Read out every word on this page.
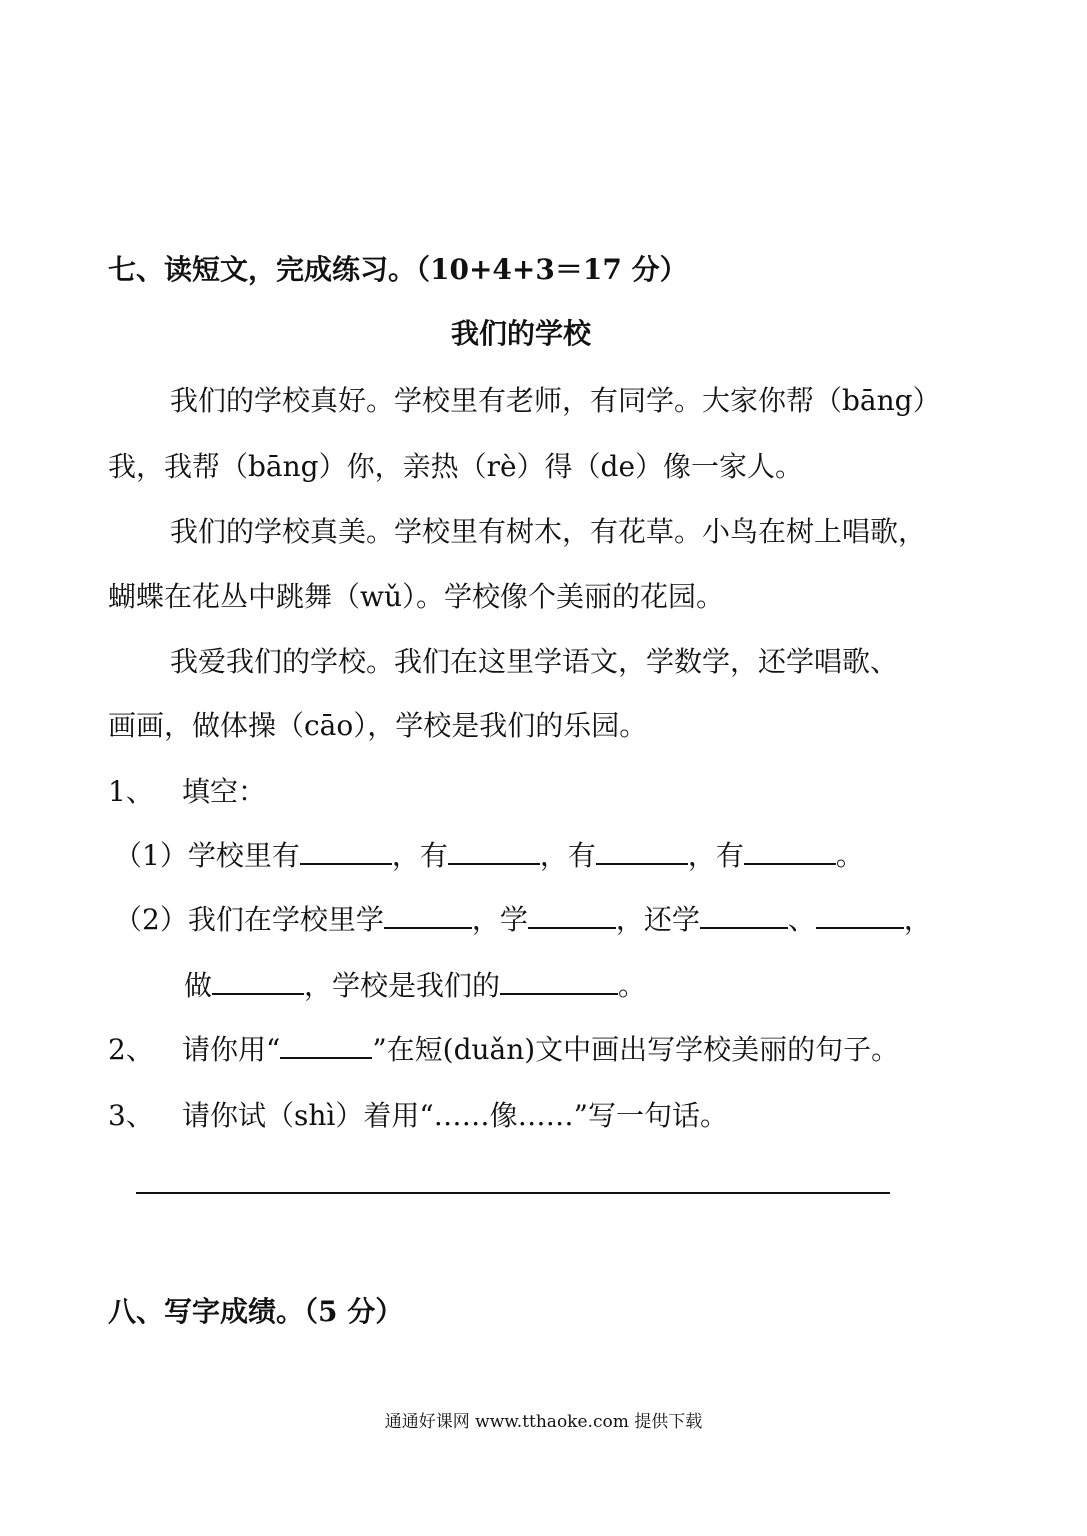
七、读短文，完成练习。（10+4+3＝17 分）
我们的学校
我们的学校真好。学校里有老师，有同学。大家你帮（bāng）
我，我帮（bāng）你，亲热（rè）得（de）像一家人。
我们的学校真美。学校里有树木，有花草。小鸟在树上唱歌，
蝴蝶在花丛中跳舞（wǔ）。学校像个美丽的花园。
我爱我们的学校。我们在这里学语文，学数学，还学唱歌、
画画，做体操（cāo），学校是我们的乐园。
1、 填空：
（1）学校里有	，有	，有	，有	。
（2）我们在学校里学	，学	，还学	、	，
做	，学校是我们的	。
2、 请你用“	”在短(duǎn)文中画出写学校美丽的句子。
3、 请你试（shì）着用“……像……”写一句话。
八、写字成绩。（5 分）
通通好课网 www.tthaoke.com 提供下载
